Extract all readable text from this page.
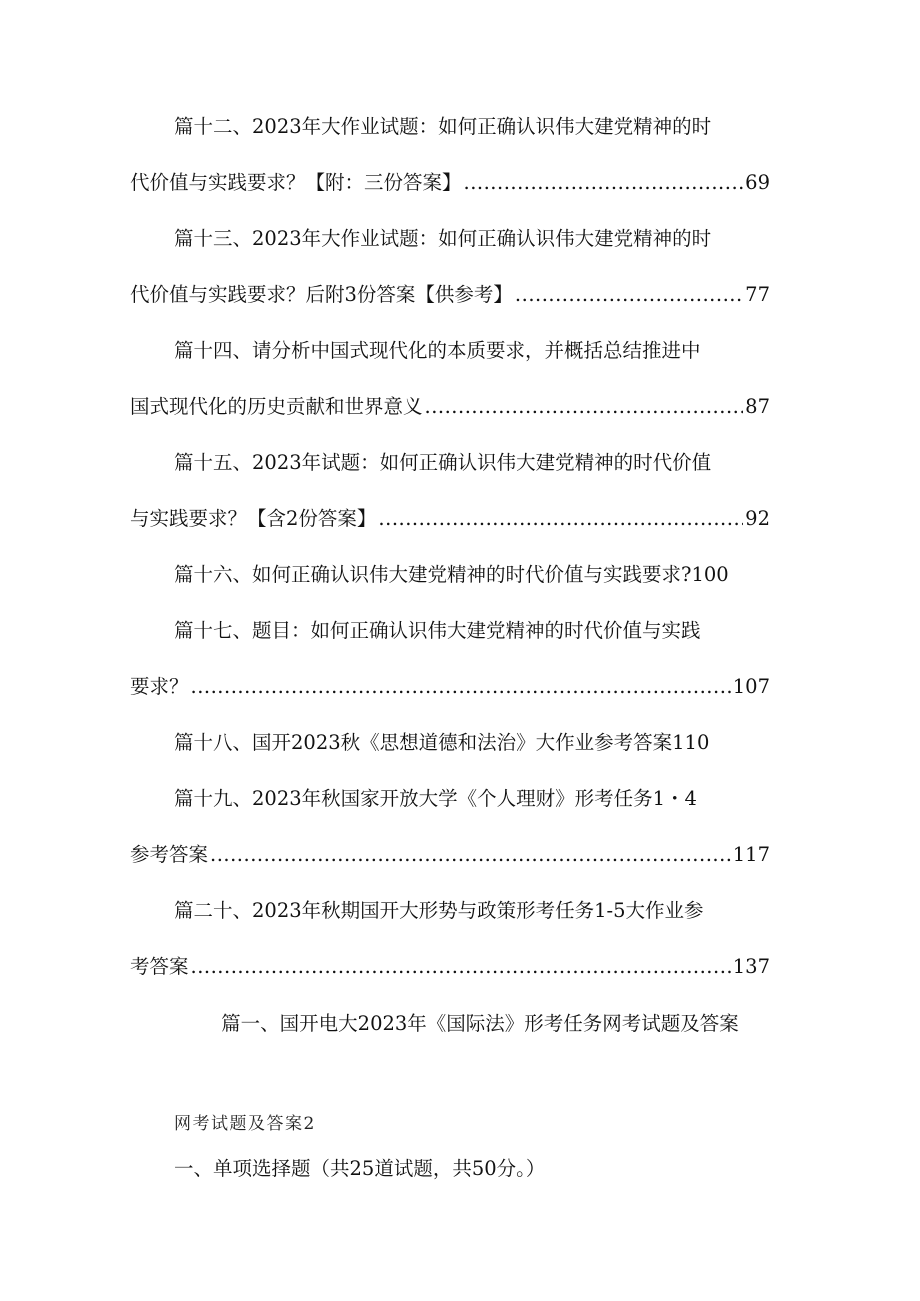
篇十二、2023年大作业试题：如何正确认识伟大建党精神的时
代价值与实践要求？【附：三份答案】 .....	69
篇十三、2023年大作业试题：如何正确认识伟大建党精神的时
代价值与实践要求？后附3份答案【供参考】 .....	77
篇十四、请分析中国式现代化的本质要求，并概括总结推进中
国式现代化的历史贡献和世界意义 .....	87
篇十五、2023年试题：如何正确认识伟大建党精神的时代价值
与实践要求？【含2份答案】 .....	92
篇十六、如何正确认识伟大建党精神的时代价值与实践要求?100
篇十七、题目：如何正确认识伟大建党精神的时代价值与实践
要求？ .....	107
篇十八、国开2023秋《思想道德和法治》大作业参考答案110
篇十九、2023年秋国家开放大学《个人理财》形考任务1・4
参考答案 .....	117
篇二十、2023年秋期国开大形势与政策形考任务1-5大作业参
考答案 .....	137
篇一、国开电大2023年《国际法》形考任务网考试题及答案
网考试题及答案2
一、单项选择题（共25道试题，共50分。）
